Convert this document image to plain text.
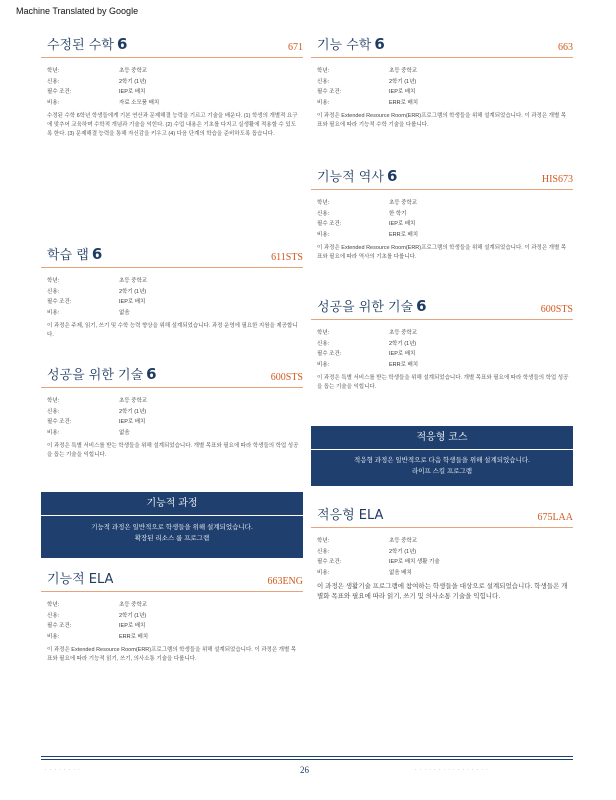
Machine Translated by Google
수정된 수학 6	671
학년:	초등 중학교
신용:	2학기 (1년)
필수 조건:	IEP로 배치
비용:	자료 소모품 배치
수정된 수학 6학년 학생들에게 기본 연산과 문제해결 능력을 기르고 기술을 배운다. (1) 학생의 개별적 요구에 맞추어 교육하며 수학적 개념과 기술을 익힌다. (2) 수업 내용은 기초를 다지고 실생활에 적용할 수 있도록 한다. (3) 문제해결 능력을 통해 자신감을 키우고 (4) 다음 단계의 학습을 준비하도록 돕습니다.
학습 랩 6	611STS
학년:	초등 중학교
신용:	2학기 (1년)
필수 조건:	IEP로 배치
비용:	없음
이 과정은 주제, 읽기, 쓰기 및 수학 능력 향상을 위해 설계되었습니다. 과정 운영에 필요한 지원을 제공합니다.
성공을 위한 기술 6	600STS
학년:	초등 중학교
신용:	2학기 (1년)
필수 조건:	IEP로 배치
비용:	없음
이 과정은 특별 서비스를 받는 학생들을 위해 설계되었습니다. 개별 목표와 필요에 따라 학생들의 학업 성공을 돕는 기술을 익힙니다.
기능적 과정
기능적 과정은 일반적으로 학생들을 위해 설계되었습니다.
확장된 리소스 룸 프로그램
기능적 ELA	663ENG
학년:	초등 중학교
신용:	2학기 (1년)
필수 조건:	IEP로 배치
비용:	ERR로 배치
이 과정은 Extended Resource Room(ERR)프로그램의 학생들을 위해 설계되었습니다. 이 과정은 개별 목표와 필요에 따라 기능적 읽기, 쓰기, 의사소통 기술을 다룹니다.
기능 수학 6	663
학년:	초등 중학교
신용:	2학기 (1년)
필수 조건:	IEP로 배치
비용:	ERR로 배치
이 과정은 Extended Resource Room(ERR)프로그램의 학생들을 위해 설계되었습니다. 이 과정은 개별 목표와 필요에 따라 기능적 수학 기술을 다룹니다.
기능적 역사 6	HIS673
학년:	초등 중학교
신용:	한 학기
필수 조건:	IEP로 배치
비용:	ERR로 배치
이 과정은 Extended Resource Room(ERR)프로그램의 학생들을 위해 설계되었습니다. 이 과정은 개별 목표와 필요에 따라 역사의 기초를 다룹니다.
성공을 위한 기술 6	600STS
학년:	초등 중학교
신용:	2학기 (1년)
필수 조건:	IEP로 배치
비용:	ERR로 배치
이 과정은 특별 서비스를 받는 학생들을 위해 설계되었습니다. 개별 목표와 필요에 따라 학생들의 학업 성공을 돕는 기술을 익힙니다.
적응형 코스
적응형 과정은 일반적으로 다음 학생들을 위해 설계되었습니다.
라이프 스킬 프로그램
적응형 ELA	675LAA
학년:	초등 중학교
신용:	2학기 (1년)
필수 조건:	IEP로 배치 생활 기술
비용:	없음 배치
이 과정은 생활기술 프로그램에 참여하는 학생들을 대상으로 설계되었습니다. 학생들은 개별화 목표와 필요에 따라 읽기, 쓰기 및 의사소통 기술을 익힙니다.
· · · · · · · ·	26	· · · · · · · · · · · · · · · ·
